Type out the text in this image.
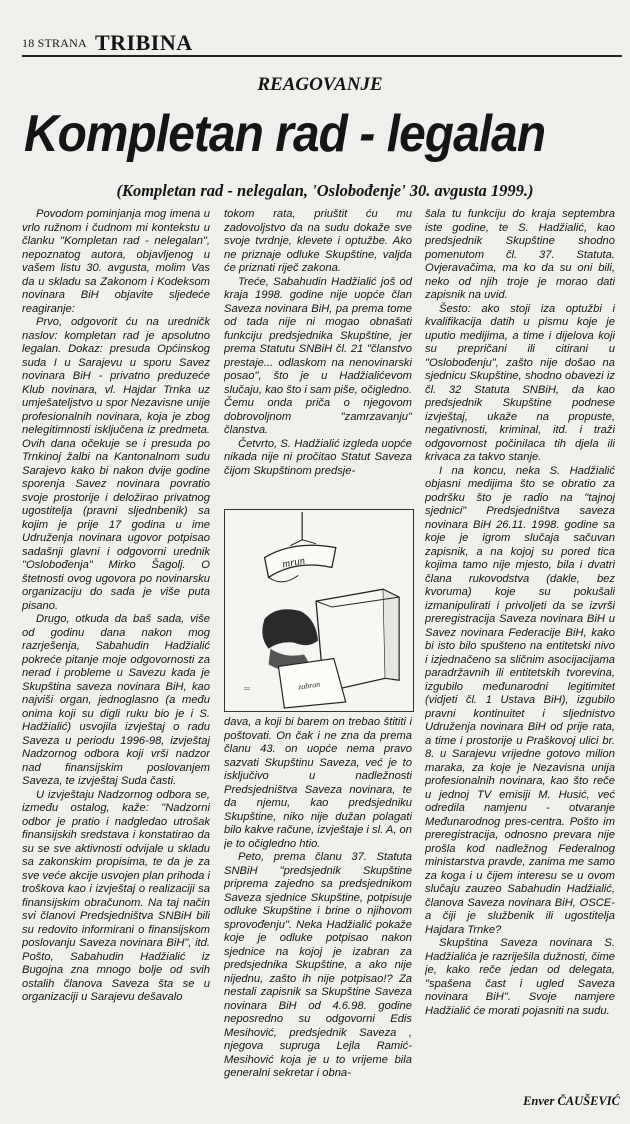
18 STRANA TRIBINA
REAGOVANJE
Kompletan rad - legalan
(Kompletan rad - nelegalan, 'Oslobođenje' 30. avgusta 1999.)

Povodom pominjanja mog imena u vrlo ružnom i čudnom mi kontekstu u članku "Kompletan rad - nelegalan", nepoznatog autora, objavljenog u vašem listu 30. avgusta, molim Vas da u skladu sa Zakonom i Kodeksom novinara BiH objavite sljedeće reagiranje:

Prvo, odgovorit ću na uredničk naslov: kompletan rad je apsolutno legalan. Dokaz: presuda Općinskog suda I u Sarajevu u sporu Savez novinara BiH - privatno preduzeće Klub novinara, vl. Hajdar Trnka uz umješateljstvo u spor Nezavisne unije profesionalnih novinara, koja je zbog nelegitimnosti isključena iz predmeta. Ovih dana očekuje se i presuda po Trnkinoj žalbi na Kantonalnom sudu Sarajevo kako bi nakon dvije godine sporenja Savez novinara povratio svoje prostorije i deložirao privatnog ugostitelja (pravni sljednbenik) sa kojim je prije 17 godina u ime Udruženja novinara ugovor potpisao sadašnji glavni i odgovorni urednik "Oslobođenja" Mirko Šagolj. O štetnosti ovog ugovora po novinarsku organizaciju do sada je više puta pisano.

Drugo, otkuda da baš sada, više od godinu dana nakon mog razrješenja, Sabahudin Hadžialić pokreće pitanje moje odgovornosti za nerad i probleme u Savezu kada je Skupština saveza novinara BiH, kao najviši organ, jednoglasno (a među onima koji su digli ruku bio je i S. Hadžialić) usvojila izvještaj o radu Saveza u periodu 1996-98, izvještaj Nadzornog odbora koji vrši nadzor nad finansijskim poslovanjem Saveza, te izvještaj Suda časti.

U izvještaju Nadzornog odbora se, između ostalog, kaže: "Nadzorni odbor je pratio i nadgledao utrošak finansijskih sredstava i konstatirao da su se sve aktivnosti odvijale u skladu sa zakonskim propisima, te da je za sve veće akcije usvojen plan prihoda i troškova kao i izvještaj o realizaciji sa finansijskim obračunom. Na taj način svi članovi Predsjedništva SNBiH bili su redovito informirani o finansijskom poslovanju Saveza novinara BiH", itd. Pošto, Sabahudin Hadžialić iz Bugojna zna mnogo bolje od svih ostalih članova Saveza šta se u organizaciji u Sarajevu dešavalo

tokom rata, priuštit ću mu zadovoljstvo da na sudu dokaže sve svoje tvrdnje, klevete i optužbe. Ako ne priznaje odluke Skupštine, valjda će priznati riječ zakona.

Treće, Sabahudin Hadžialić još od kraja 1998. godine nije uopće član Saveza novinara BiH, pa prema tome od tada nije ni mogao obnašati funkciju predsjednika Skupštine, jer prema Statutu SNBiH čl. 21 "članstvo prestaje... odlaskom na nenovinarski posao", što je u Hadžialićevom slučaju, kao što i sam piše, očigledno. Čemu onda priča o njegovom dobrovoljnom "zamrzavanju" članstva.

Četvrto, S. Hadžialić izgleda uopće nikada nije ni pročitao Statut Saveza čijom Skupštinom predsje-

mrun
zabran
||

dava, a koji bi barem on trebao štititi i poštovati. On čak i ne zna da prema članu 43. on uopće nema pravo sazvati Skupštinu Saveza, već je to isključivo u nadležnosti Predsjedništva Saveza novinara, te da njemu, kao predsjedniku Skupštine, niko nije dužan polagati bilo kakve račune, izvještaje i sl. A, on je to očigledno htio.

Peto, prema članu 37. Statuta SNBiH "predsjednik Skupštine priprema zajedno sa predsjednikom Saveza sjednice Skupštine, potpisuje odluke Skupštine i brine o njihovom sprovođenju". Neka Hadžialić pokaže koje je odluke potpisao nakon sjednice na kojoj je izabran za predsjednika Skupštine, a ako nije nijednu, zašto ih nije potpisao!? Za nestali zapisnik sa Skupštine Saveza novinara BiH od 4.6.98. godine neposredno su odgovorni Edis Mesihović, predsjednik Saveza , njegova supruga Lejla Ramić-Mesihović koja je u to vrijeme bila generalni sekretar i obna-

šala tu funkciju do kraja septembra iste godine, te S. Hadžialić, kao predsjednik Skupštine shodno pomenutom čl. 37. Statuta. Ovjeravačima, ma ko da su oni bili, neko od njih troje je morao dati zapisnik na uvid.

Šesto: ako stoji iza optužbi i kvalifikacija datih u pismu koje je uputio medijima, a time i dijelova koji su prepričani ili citirani u "Oslobođenju", zašto nije došao na sjednicu Skupštine, shodno obavezi iz čl. 32 Statuta SNBiH, da kao predsjednik Skupštine podnese izvještaj, ukaže na propuste, negativnosti, kriminal, itd. i traži odgovornost počinilaca tih djela ili krivaca za takvo stanje.

I na koncu, neka S. Hadžialić objasni medijima što se obratio za podršku što je radio na "tajnoj sjednici" Predsjedništva saveza novinara BiH 26.11. 1998. godine sa koje je igrom slučaja sačuvan zapisnik, a na kojoj su pored tica kojima tamo nije mjesto, bila i dvatri člana rukovodstva (dakle, bez kvoruma) koje su pokušali izmanipulirati i privoljeti da se izvrši preregistracija Saveza novinara BiH u Savez novinara Federacije BiH, kako bi isto bilo spušteno na entitetski nivo i izjednačeno sa sličnim asocijacijama paradržavnih ili entitetskih tvorevina, izgubilo međunarodni legitimitet (vidjeti čl. 1 Ustava BiH), izgubilo pravni kontinuitet i sljednistvo Udruženja novinara BiH od prije rata, a time i prostorije u Praškovoj ulici br. 8. u Sarajevu vrijedne gotovo milion maraka, za koje je Nezavisna unija profesionalnih novinara, kao što reče u jednoj TV emisiji M. Husić, već odredila namjenu - otvaranje Međunarodnog pres-centra. Pošto im preregistracija, odnosno prevara nije prošla kod nadležnog Federalnog ministarstva pravde, zanima me samo za koga i u čijem interesu se u ovom slučaju zauzeo Sabahudin Hadžialić, članova Saveza novinara BiH, OSCE-a čiji je službenik ili ugostitelja Hajdara Trnke?

Skupština Saveza novinara S. Hadžialića je razriješila dužnosti, čime je, kako reče jedan od delegata, "spašena čast i ugled Saveza novinara BiH". Svoje namjere Hadžialić će morati pojasniti na sudu.

Enver ČAUŠEVIĆ
